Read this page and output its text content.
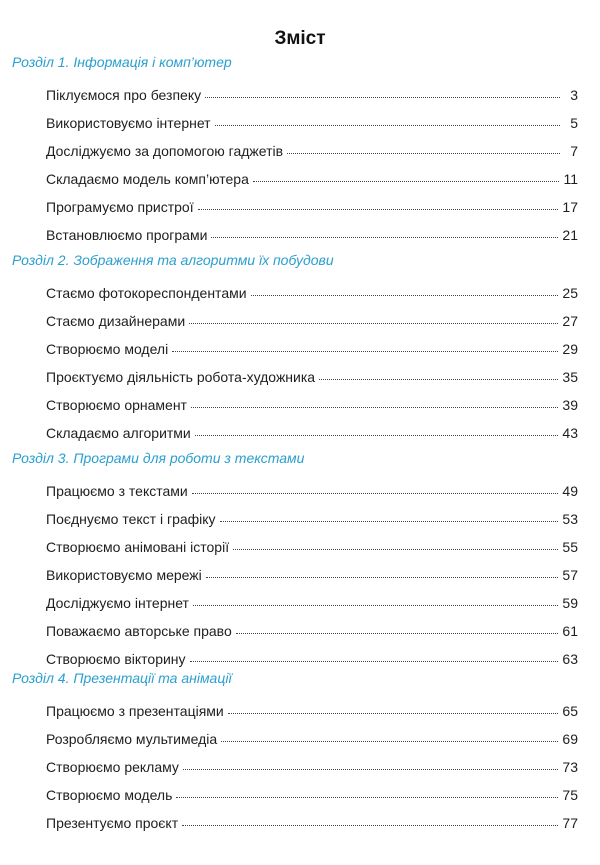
Зміст
Розділ 1. Інформація і комп’ютер
Піклуємося про безпеку	3
Використовуємо інтернет	5
Досліджуємо за допомогою гаджетів	7
Складаємо модель комп’ютера	11
Програмуємо пристрої	17
Встановлюємо програми	21
Розділ 2. Зображення та алгоритми їх побудови
Стаємо фотокореспондентами	25
Стаємо дизайнерами	27
Створюємо моделі	29
Проєктуємо діяльність робота-художника	35
Створюємо орнамент	39
Складаємо алгоритми	43
Розділ 3. Програми для роботи з текстами
Працюємо з текстами	49
Поєднуємо текст і графіку	53
Створюємо анімовані історії	55
Використовуємо мережі	57
Досліджуємо інтернет	59
Поважаємо авторське право	61
Створюємо вікторину	63
Розділ 4. Презентації та анімації
Працюємо з презентаціями	65
Розробляємо мультимедіа	69
Створюємо рекламу	73
Створюємо модель	75
Презентуємо проєкт	77
